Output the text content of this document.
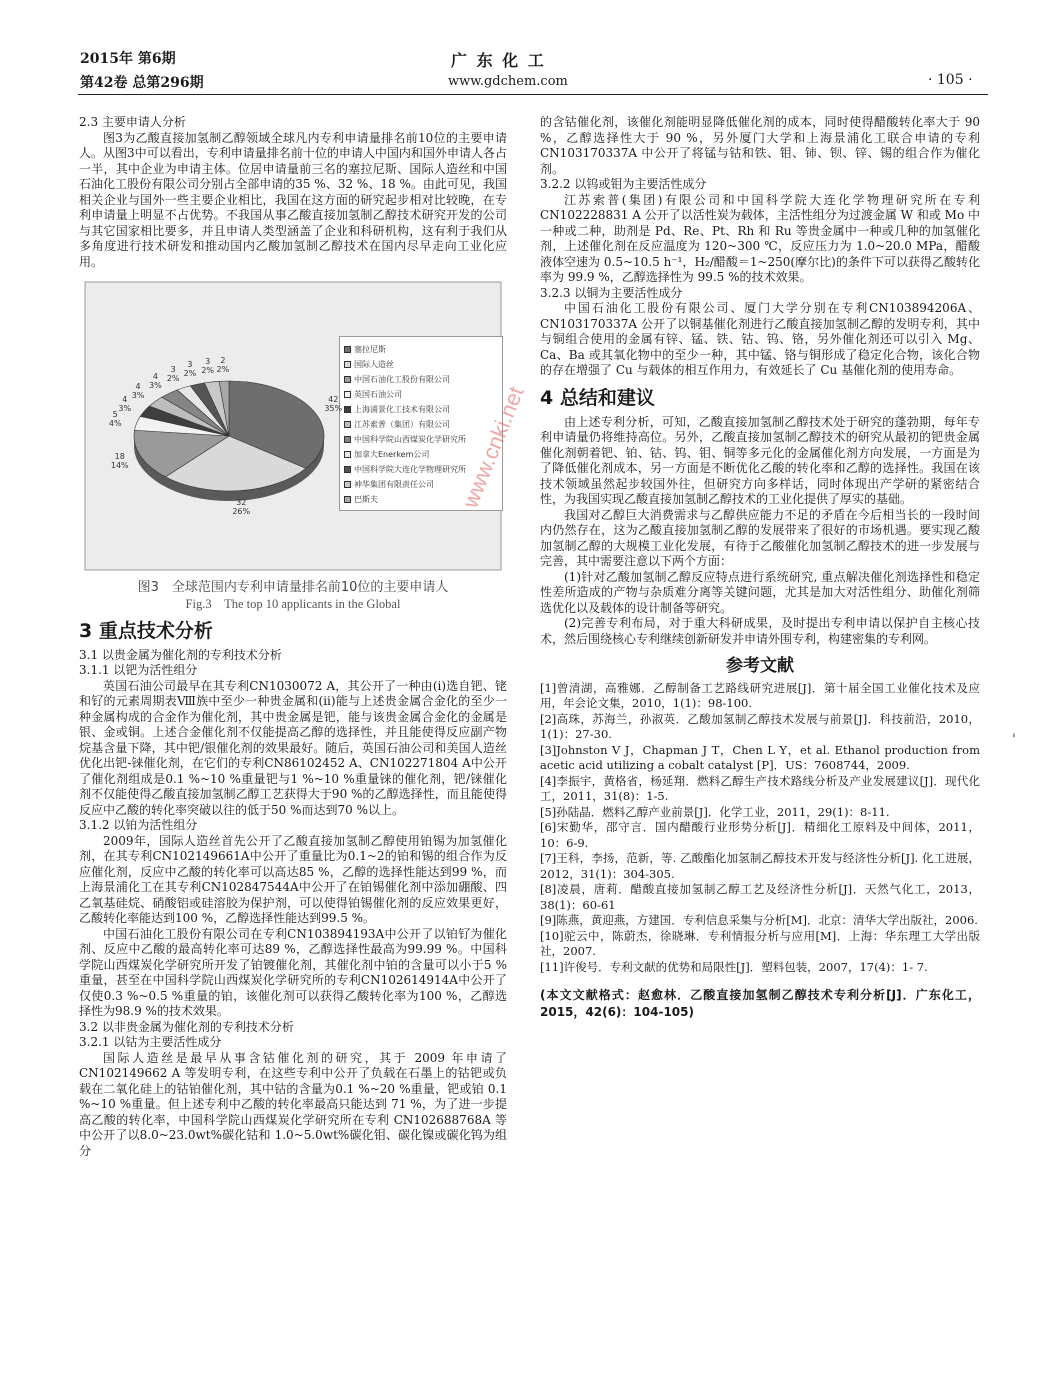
2015年 第6期
第42卷 总第296期
广 东 化 工
www.gdchem.com	· 105 ·

2.3 主要申请人分析

图3为乙酸直接加氢制乙醇领域全球凡内专利申请量排名前10位的主要申请人。从图3中可以看出，专利申请量排名前十位的申请人中国内和国外申请人各占一半，其中企业为申请主体。位居申请量前三名的塞拉尼斯、国际人造丝和中国石油化工股份有限公司分别占全部申请的35 %、32 %、18 %。由此可见，我国相关企业与国外一些主要企业相比，我国在这方面的研究起步相对比较晚，在专利申请量上明显不占优势。不我国从事乙酸直接加氢制乙醇技术研究开发的公司与其它国家相比要多，并且申请人类型涵盖了企业和科研机构，这有利于我们从多角度进行技术研发和推动国内乙酸加氢制乙醇技术在国内尽早走向工业化应用。

塞拉尼斯
国际人造丝
中国石油化工股份有限公司
英国石油公司
上海浦景化工技术有限公司
江苏索普（集团）有限公司
中国科学院山西煤炭化学研究所
加拿大Enerkem公司
中国科学院大连化学物理研究所
神华集团有限责任公司
巴斯夫
42
35%
32
26%
18
14%
5
4%
4
3%
4
3%
4
3%
3
2%
3
2%
3
2%
2
2%
图3　全球范围内专利申请量排名前10位的主要申请人
Fig.3　The top 10 applicants in the Global
3 重点技术分析

3.1 以贵金属为催化剂的专利技术分析

3.1.1 以钯为活性组分

英国石油公司最早在其专利CN1030072 A，其公开了一种由(i)选自钯、铑和钌的元素周期表Ⅷ族中至少一种贵金属和(ii)能与上述贵金属合金化的至少一种金属构成的合金作为催化剂，其中贵金属是钯，能与该贵金属合金化的金属是银、金或铜。上述合金催化剂不仅能提高乙醇的选择性，并且能使得反应副产物烷基含量下降，其中钯/银催化剂的效果最好。随后，英国石油公司和美国人造丝优化出钯-铼催化剂，在它们的专利CN86102452 A、CN102271804 A中公开了催化剂组成是0.1 %~10 %重量钯与1 %~10 %重量铼的催化剂，钯/铼催化剂不仅能使得乙酸直接加氢制乙醇工艺获得大于90 %的乙醇选择性，而且能使得反应中乙酸的转化率突破以往的低于50 %而达到70 %以上。

3.1.2 以铂为活性组分

2009年，国际人造丝首先公开了乙酸直接加氢制乙醇使用铂锡为加氢催化剂，在其专利CN102149661A中公开了重量比为0.1~2的铂和锡的组合作为反应催化剂，反应中乙酸的转化率可以高达85 %，乙醇的选择性能达到99 %，而上海景浦化工在其专利CN102847544A中公开了在铂锡催化剂中添加硼酸、四乙氧基硅烷、硝酸铝或硅溶胶为保护剂，可以使得铂锡催化剂的反应效果更好，乙酸转化率能达到100 %，乙醇选择性能达到99.5 %。

中国石油化工股份有限公司在专利CN103894193A中公开了以铂钌为催化剂、反应中乙酸的最高转化率可达89 %，乙醇选择性最高为99.99 %。中国科学院山西煤炭化学研究所开发了铂镀催化剂，其催化剂中铂的含量可以小于5 %重量，甚至在中国科学院山西煤炭化学研究所的专利CN102614914A中公开了仅使0.3 %~0.5 %重量的铂，该催化剂可以获得乙酸转化率为100 %，乙醇选择性为98.9 %的技术效果。

3.2 以非贵金属为催化剂的专利技术分析

3.2.1 以钴为主要活性成分

国际人造丝是最早从事含钴催化剂的研究，其于 2009 年申请了 CN102149662 A 等发明专利，在这些专利中公开了负载在石墨上的钴钯或负载在二氧化硅上的钴铂催化剂，其中钴的含量为0.1 %~20 %重量，钯或铂 0.1 %~10 %重量。但上述专利中乙酸的转化率最高只能达到 71 %，为了进一步提高乙酸的转化率，中国科学院山西煤炭化学研究所在专利 CN102688768A 等中公开了以8.0~23.0wt%碳化钴和 1.0~5.0wt%碳化钼、碳化镍或碳化钨为组分

的含钴催化剂，该催化剂能明显降低催化剂的成本，同时使得醋酸转化率大于 90 %，乙醇选择性大于 90 %，另外厦门大学和上海景浦化工联合申请的专利CN103170337A 中公开了将锰与钴和铁、钼、铈、钡、锌、锡的组合作为催化剂。

3.2.2 以钨或钼为主要活性成分

江苏索普(集团)有限公司和中国科学院大连化学物理研究所在专利CN102228831 A 公开了以活性炭为载体，主活性组分为过渡金属 W 和或 Mo 中一种或二种，助剂是 Pd、Re、Pt、Rh 和 Ru 等贵金属中一种或几种的加氢催化剂，上述催化剂在反应温度为 120~300 ℃，反应压力为 1.0~20.0 MPa，醋酸液体空速为 0.5~10.5 h⁻¹，H₂/醋酸＝1~250(摩尔比)的条件下可以获得乙酸转化率为 99.9 %，乙醇选择性为 99.5 %的技术效果。

3.2.3 以铜为主要活性成分

中国石油化工股份有限公司、厦门大学分别在专利CN103894206A、CN103170337A 公开了以铜基催化剂进行乙酸直接加氢制乙醇的发明专利，其中与铜组合使用的金属有锌、锰、铁、钴、钨、铬，另外催化剂还可以引入 Mg、Ca、Ba 或其氧化物中的至少一种，其中锰、铬与铜形成了稳定化合物，该化合物的存在增强了 Cu 与载体的相互作用力，有效延长了 Cu 基催化剂的使用寿命。

4 总结和建议

由上述专利分析，可知，乙酸直接加氢制乙醇技术处于研究的蓬勃期，每年专利申请量仍将维持高位。另外，乙酸直接加氢制乙醇技术的研究从最初的钯贵金属催化剂朝着钯、铂、钴、钨、钼、铜等多元化的金属催化剂方向发展，一方面是为了降低催化剂成本，另一方面是不断优化乙酸的转化率和乙醇的选择性。我国在该技术领域虽然起步较国外往，但研究方向多样话，同时体现出产学研的紧密结合性，为我国实现乙酸直接加氢制乙醇技术的工业化提供了厚实的基础。

我国对乙醇巨大消费需求与乙醇供应能力不足的矛盾在今后相当长的一段时间内仍然存在，这为乙酸直接加氢制乙醇的发展带来了很好的市场机遇。要实现乙酸加氢制乙醇的大规模工业化发展，有待于乙酸催化加氢制乙醇技术的进一步发展与完善，其中需要注意以下两个方面：

(1)针对乙酸加氢制乙醇反应特点进行系统研究, 重点解决催化剂选择性和稳定性差所造成的产物与杂质难分离等关键问题，尤其是加大对活性组分、助催化剂筛选优化以及载体的设计制备等研究。

(2)完善专利布局，对于重大科研成果，及时提出专利申请以保护自主核心技术，然后围绕核心专利继续创新研发并申请外围专利，构建密集的专利网。

参考文献

[1]曾清湖，高雅娜．乙醇制备工艺路线研究进展[J]．第十届全国工业催化技术及应用，年会论文集，2010，1(1)：98-100.

[2]高珠，苏海兰，孙淑英．乙酸加氢制乙醇技术发展与前景[J]．科技前沿，2010，1(1)：27-30.

[3]Johnston V J，Chapman J T，Chen L Y，et al. Ethanol production from acetic acid utilizing a cobalt catalyst [P]．US：7608744，2009.

[4]李振宇，黄格省，杨延翔．燃料乙醇生产技术路线分析及产业发展建议[J]．现代化工，2011，31(8)：1-5.

[5]孙陆晶．燃料乙醇产业前景[J]．化学工业，2011，29(1)：8-11.

[6]宋勤华，邵守言．国内醋酸行业形势分析[J]．精细化工原料及中间体，2011，10：6-9.

[7]王科，李扬，范新，等. 乙酸酯化加氢制乙醇技术开发与经济性分析[J]. 化工进展，2012，31(1)：304-305.

[8]凌晨，唐莉．醋酸直接加氢制乙醇工艺及经济性分析[J]．天然气化工，2013，38(1)：60-61

[9]陈燕，黄迎燕，方建国．专利信息采集与分析[M]．北京：清华大学出版社，2006.

[10]驼云中，陈蔚杰，徐晓琳．专利情报分析与应用[M]．上海：华东理工大学出版社，2007.

[11]许俊号．专利文献的优势和局限性[J]．塑料包装，2007，17(4)：1- 7.

(本文文献格式：赵愈林．乙酸直接加氢制乙醇技术专利分析[J]．广东化工，2015，42(6)：104-105)
www.cnki.net
'
